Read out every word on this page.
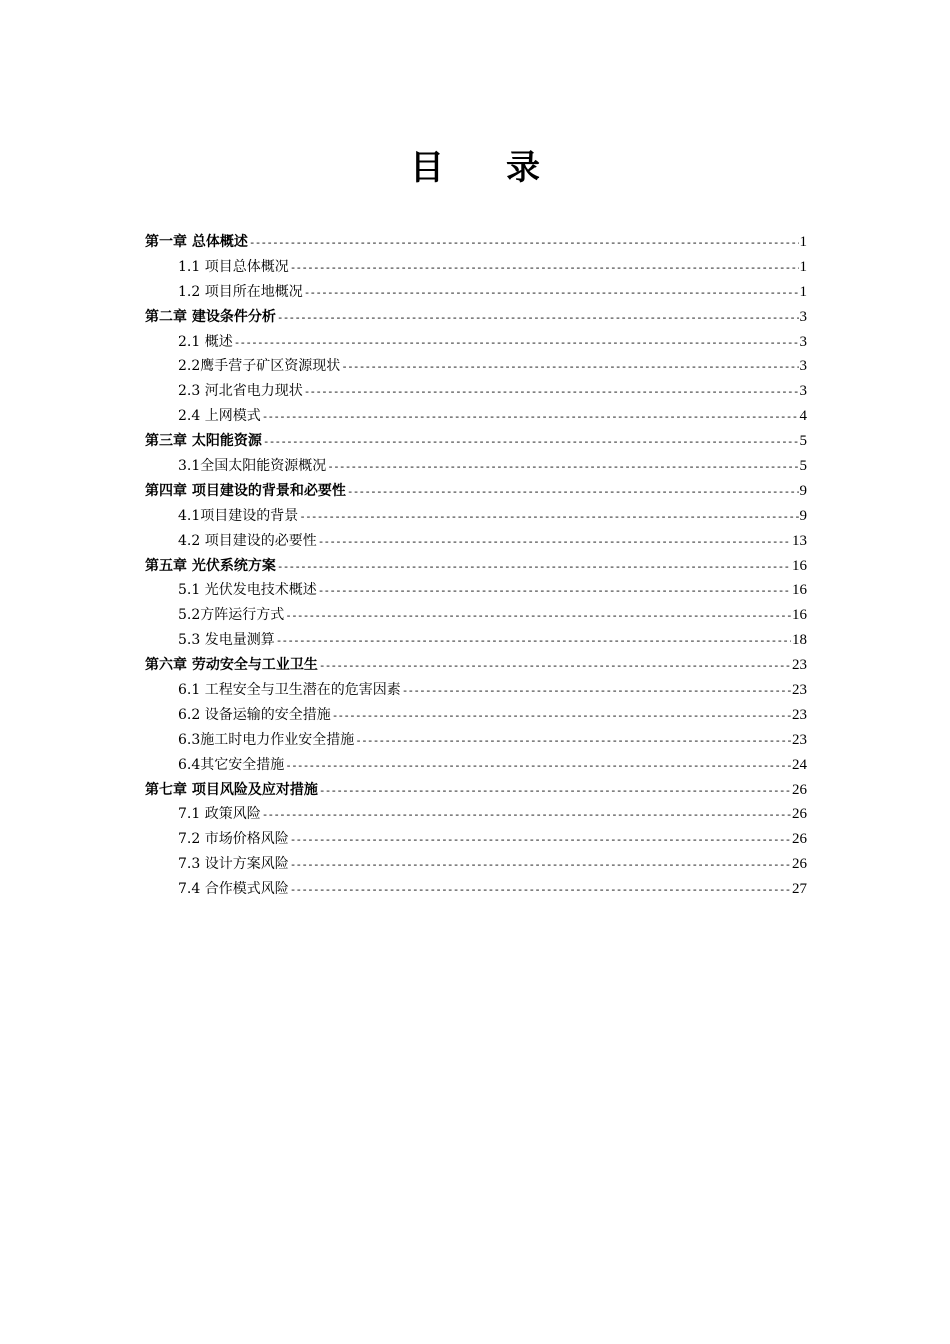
目 录
第一章 总体概述 -----	1
1.1 项目总体概况 -----	1
1.2 项目所在地概况 -----	1
第二章 建设条件分析 -----	3
2.1 概述 -----	3
2.2鹰手营子矿区资源现状 -----	3
2.3 河北省电力现状 -----	3
2.4 上网模式 -----	4
第三章 太阳能资源 -----	5
3.1全国太阳能资源概况 -----	5
第四章 项目建设的背景和必要性 -----	9
4.1项目建设的背景 -----	9
4.2 项目建设的必要性 -----	13
第五章 光伏系统方案 -----	16
5.1 光伏发电技术概述 -----	16
5.2方阵运行方式 -----	16
5.3 发电量测算 -----	18
第六章 劳动安全与工业卫生 -----	23
6.1 工程安全与卫生潜在的危害因素 -----	23
6.2 设备运输的安全措施 -----	23
6.3施工时电力作业安全措施 -----	23
6.4其它安全措施 -----	24
第七章 项目风险及应对措施 -----	26
7.1 政策风险 -----	26
7.2 市场价格风险 -----	26
7.3 设计方案风险 -----	26
7.4 合作模式风险 -----	27
